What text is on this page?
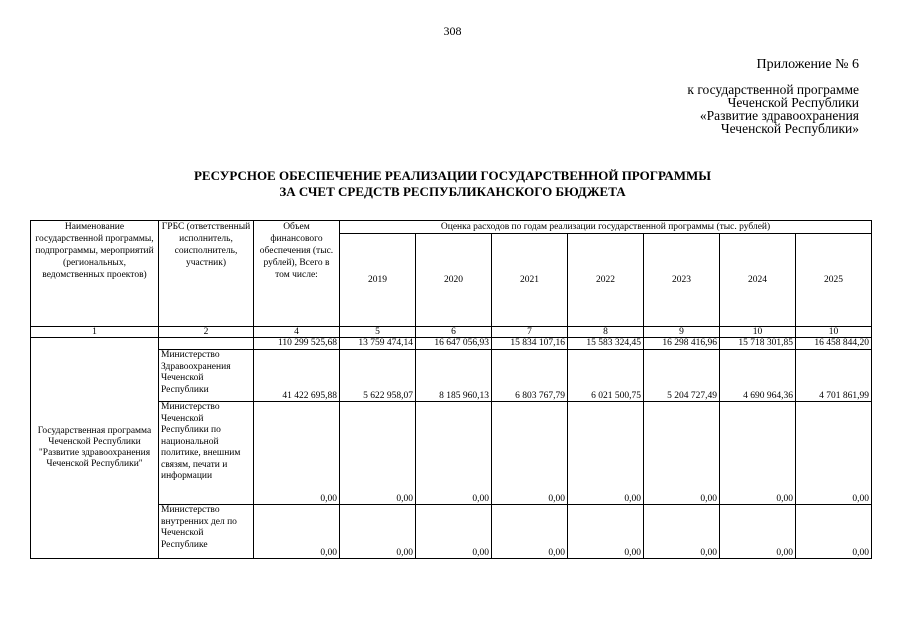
308
Приложение № 6
к государственной программе
Чеченской Республики
«Развитие здравоохранения
Чеченской Республики»
РЕСУРСНОЕ ОБЕСПЕЧЕНИЕ РЕАЛИЗАЦИИ ГОСУДАРСТВЕННОЙ ПРОГРАММЫ
ЗА СЧЕТ СРЕДСТВ РЕСПУБЛИКАНСКОГО БЮДЖЕТА
Наименование государственной программы, подпрограммы, мероприятий (региональных, ведомственных проектов)	ГРБС (ответственный исполнитель, соисполнитель, участник)	Объем финансового обеспечения (тыс. рублей), Всего в том числе:	Оценка расходов по годам реализации государственной программы (тыс. рублей)						
			2019	2020	2021	2022	2023	2024	2025
1	2	4	5	6	7	8	9	10	10
Государственная программа Чеченской Республики "Развитие здравоохранения Чеченской Республики"		110 299 525,68	13 759 474,14	16 647 056,93	15 834 107,16	15 583 324,45	16 298 416,96	15 718 301,85	16 458 844,20
	Министерство Здравоохранения Чеченской Республики	41 422 695,88	5 622 958,07	8 185 960,13	6 803 767,79	6 021 500,75	5 204 727,49	4 690 964,36	4 701 861,99
	Министерство Чеченской Республики по национальной политике, внешним связям, печати и информации	0,00	0,00	0,00	0,00	0,00	0,00	0,00	0,00
	Министерство внутренних дел по Чеченской Республике	0,00	0,00	0,00	0,00	0,00	0,00	0,00	0,00
